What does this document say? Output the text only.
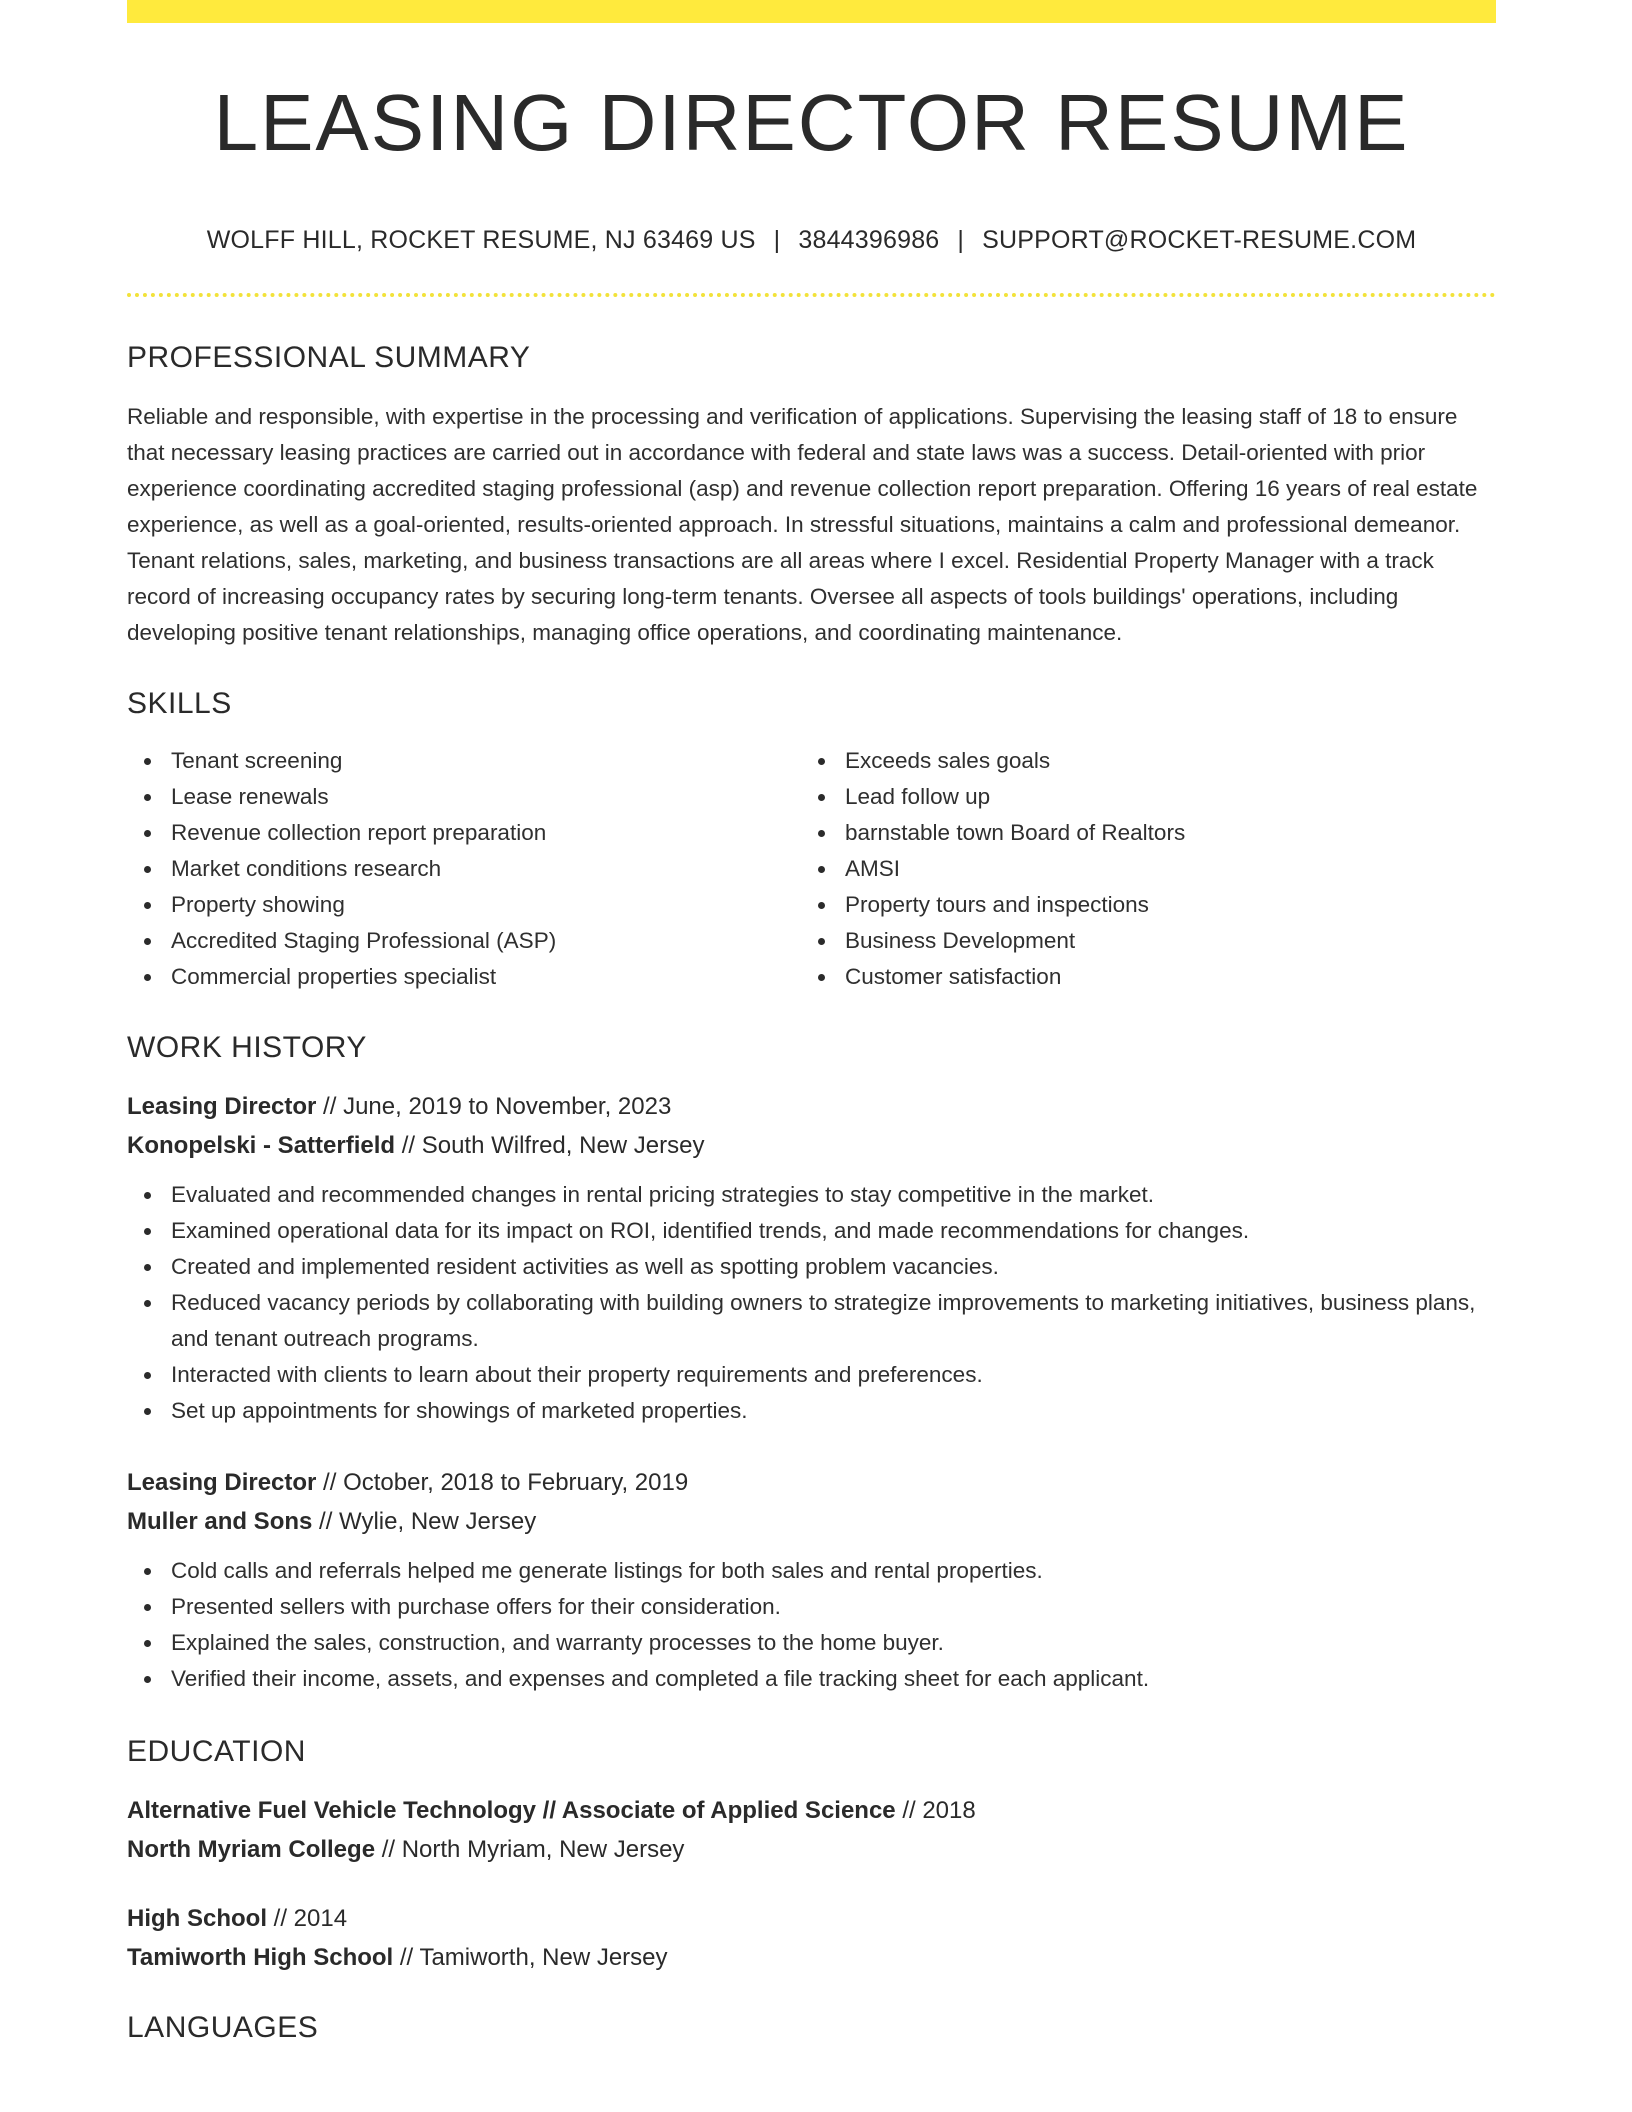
LEASING DIRECTOR RESUME
WOLFF HILL, ROCKET RESUME, NJ 63469 US | 3844396986 | SUPPORT@ROCKET-RESUME.COM
PROFESSIONAL SUMMARY

Reliable and responsible, with expertise in the processing and verification of applications. Supervising the leasing staff of 18 to ensure that necessary leasing practices are carried out in accordance with federal and state laws was a success. Detail-oriented with prior experience coordinating accredited staging professional (asp) and revenue collection report preparation. Offering 16 years of real estate experience, as well as a goal-oriented, results-oriented approach. In stressful situations, maintains a calm and professional demeanor. Tenant relations, sales, marketing, and business transactions are all areas where I excel. Residential Property Manager with a track record of increasing occupancy rates by securing long-term tenants. Oversee all aspects of tools buildings' operations, including developing positive tenant relationships, managing office operations, and coordinating maintenance.

SKILLS
Tenant screening
Lease renewals
Revenue collection report preparation
Market conditions research
Property showing
Accredited Staging Professional (ASP)
Commercial properties specialist
Exceeds sales goals
Lead follow up
barnstable town Board of Realtors
AMSI
Property tours and inspections
Business Development
Customer satisfaction
WORK HISTORY
Leasing Director // June, 2019 to November, 2023
Konopelski - Satterfield // South Wilfred, New Jersey
Evaluated and recommended changes in rental pricing strategies to stay competitive in the market.
Examined operational data for its impact on ROI, identified trends, and made recommendations for changes.
Created and implemented resident activities as well as spotting problem vacancies.
Reduced vacancy periods by collaborating with building owners to strategize improvements to marketing initiatives, business plans, and tenant outreach programs.
Interacted with clients to learn about their property requirements and preferences.
Set up appointments for showings of marketed properties.
Leasing Director // October, 2018 to February, 2019
Muller and Sons // Wylie, New Jersey
Cold calls and referrals helped me generate listings for both sales and rental properties.
Presented sellers with purchase offers for their consideration.
Explained the sales, construction, and warranty processes to the home buyer.
Verified their income, assets, and expenses and completed a file tracking sheet for each applicant.
EDUCATION
Alternative Fuel Vehicle Technology // Associate of Applied Science // 2018
North Myriam College // North Myriam, New Jersey
High School // 2014
Tamiworth High School // Tamiworth, New Jersey
LANGUAGES
